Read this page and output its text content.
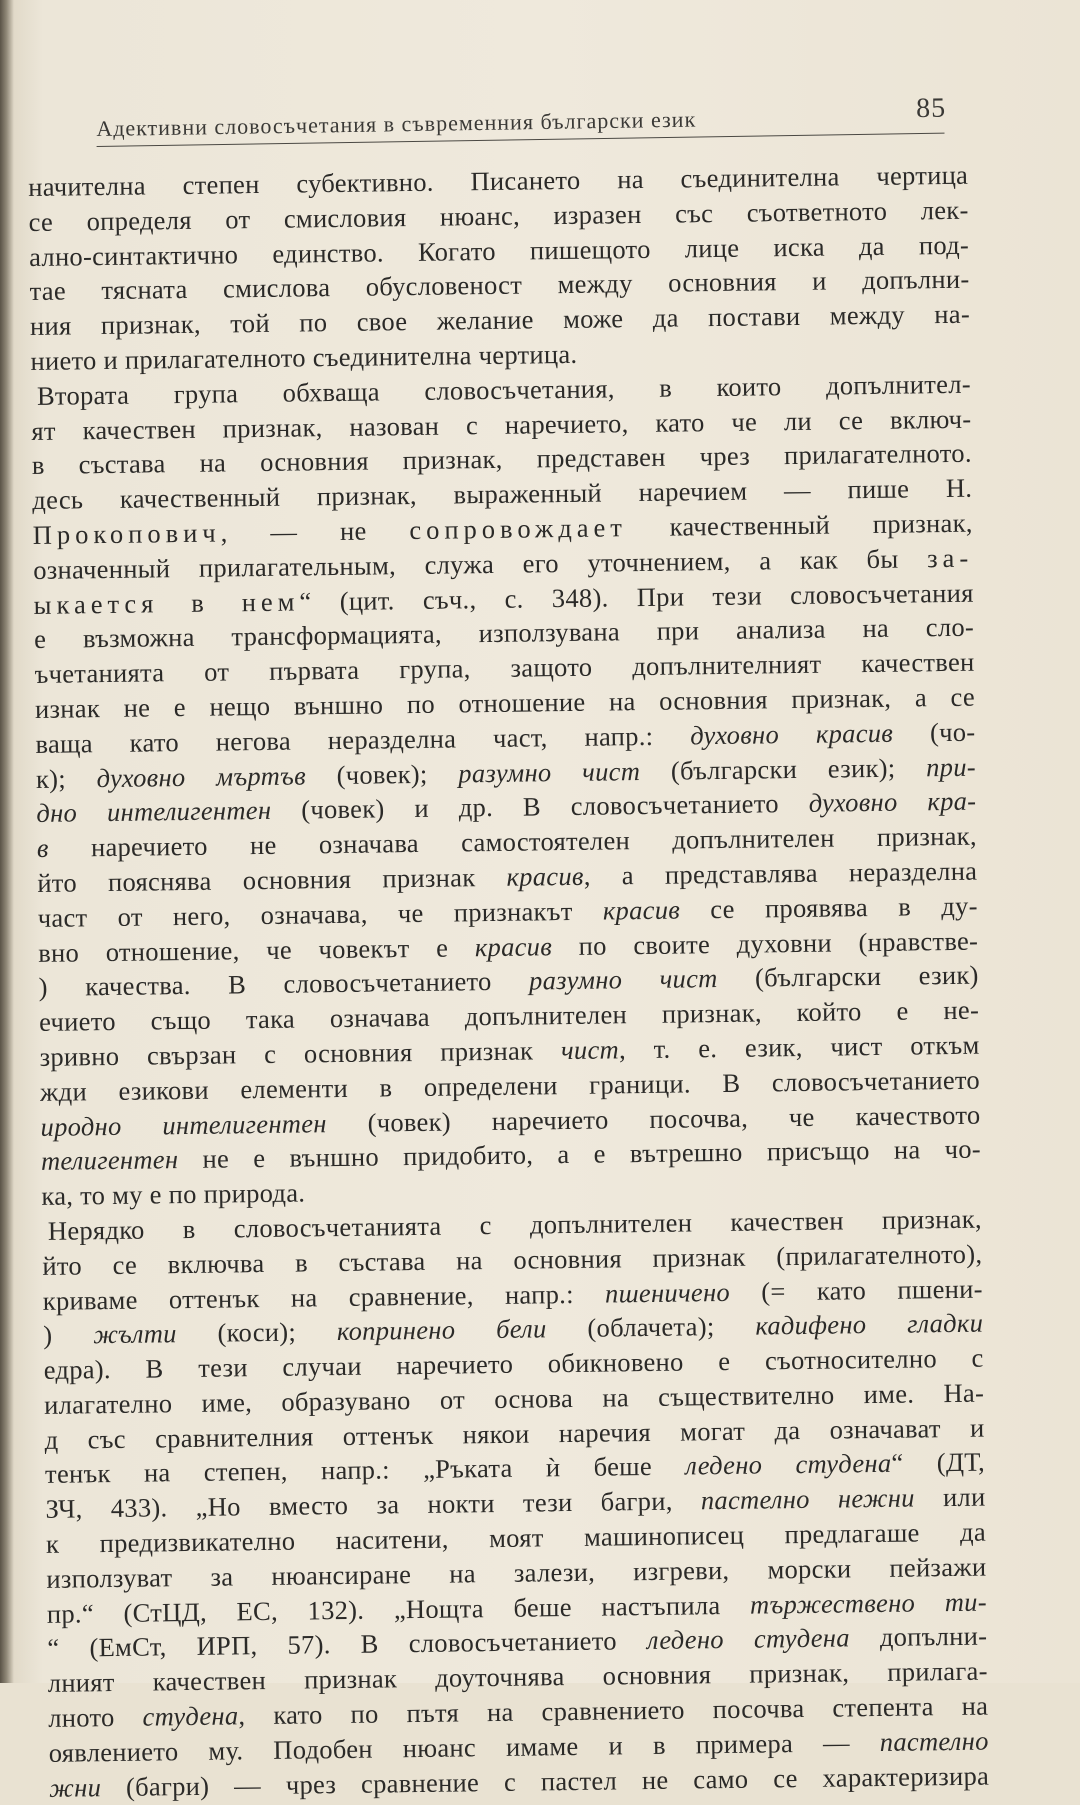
Адективни словосъчетания в съвременния български език	85
начителна степен субективно. Писането на съединителна чертица
се определя от смисловия нюанс, изразен със съответното лек-
ално-синтактично единство. Когато пишещото лице иска да под-
тае тясната смислова обусловеност между основния и допълни-
ния признак, той по свое желание може да постави между на-
нието и прилагателното съединителна чертица.
Втората група обхваща словосъчетания, в които допълнител-
ят качествен признак, назован с наречието, като че ли се включ-
в състава на основния признак, представен чрез прилагателното.
десь качественный признак, выраженный наречием — пише Н.
Прокопович, — не сопровождает качественный признак,
означенный прилагательным, служа его уточнением, а как бы за-
ыкается в нем“ (цит. съч., с. 348). При тези словосъчетания
е възможна трансформацията, използувана при анализа на сло-
ъчетанията от първата група, защото допълнителният качествен
изнак не е нещо външно по отношение на основния признак, а се
ваща като негова неразделна част, напр.: духовно красив (чо-
к); духовно мъртъв (човек); разумно чист (български език); при-
дно интелигентен (човек) и др. В словосъчетанието духовно кра-
в наречието не означава самостоятелен допълнителен признак,
йто пояснява основния признак красив, а представлява неразделна
част от него, означава, че признакът красив се проявява в ду-
вно отношение, че човекът е красив по своите духовни (нравстве-
) качества. В словосъчетанието разумно чист (български език)
ечието също така означава допълнителен признак, който е не-
зривно свързан с основния признак чист, т. е. език, чист откъм
жди езикови елементи в определени граници. В словосъчетанието
иродно интелигентен (човек) наречието посочва, че качеството
телигентен не е външно придобито, а е вътрешно присъщо на чо-
ка, то му е по природа.
Нерядко в словосъчетанията с допълнителен качествен признак,
йто се включва в състава на основния признак (прилагателното),
криваме оттенък на сравнение, напр.: пшеничено (= като пшени-
) жълти (коси); копринено бели (облачета); кадифено гладки
едра). В тези случаи наречието обикновено е съотносително с
илагателно име, образувано от основа на съществително име. На-
д със сравнителния оттенък някои наречия могат да означават и
тенък на степен, напр.: „Ръката ѝ беше ледено студена“ (ДТ,
ЗЧ, 433). „Но вместо за нокти тези багри, пастелно нежни или
к предизвикателно наситени, моят машинописец предлагаше да
използуват за нюансиране на залези, изгреви, морски пейзажи
пр.“ (СтЦД, ЕС, 132). „Нощта беше настъпила тържествено ти-
“ (ЕмСт, ИРП, 57). В словосъчетанието ледено студена допълни-
лният качествен признак доуточнява основния признак, прилага-
лното студена, като по пътя на сравнението посочва степента на
оявлението му. Подобен нюанс имаме и в примера — пастелно
жни (багри) — чрез сравнение с пастел не само се характеризира
